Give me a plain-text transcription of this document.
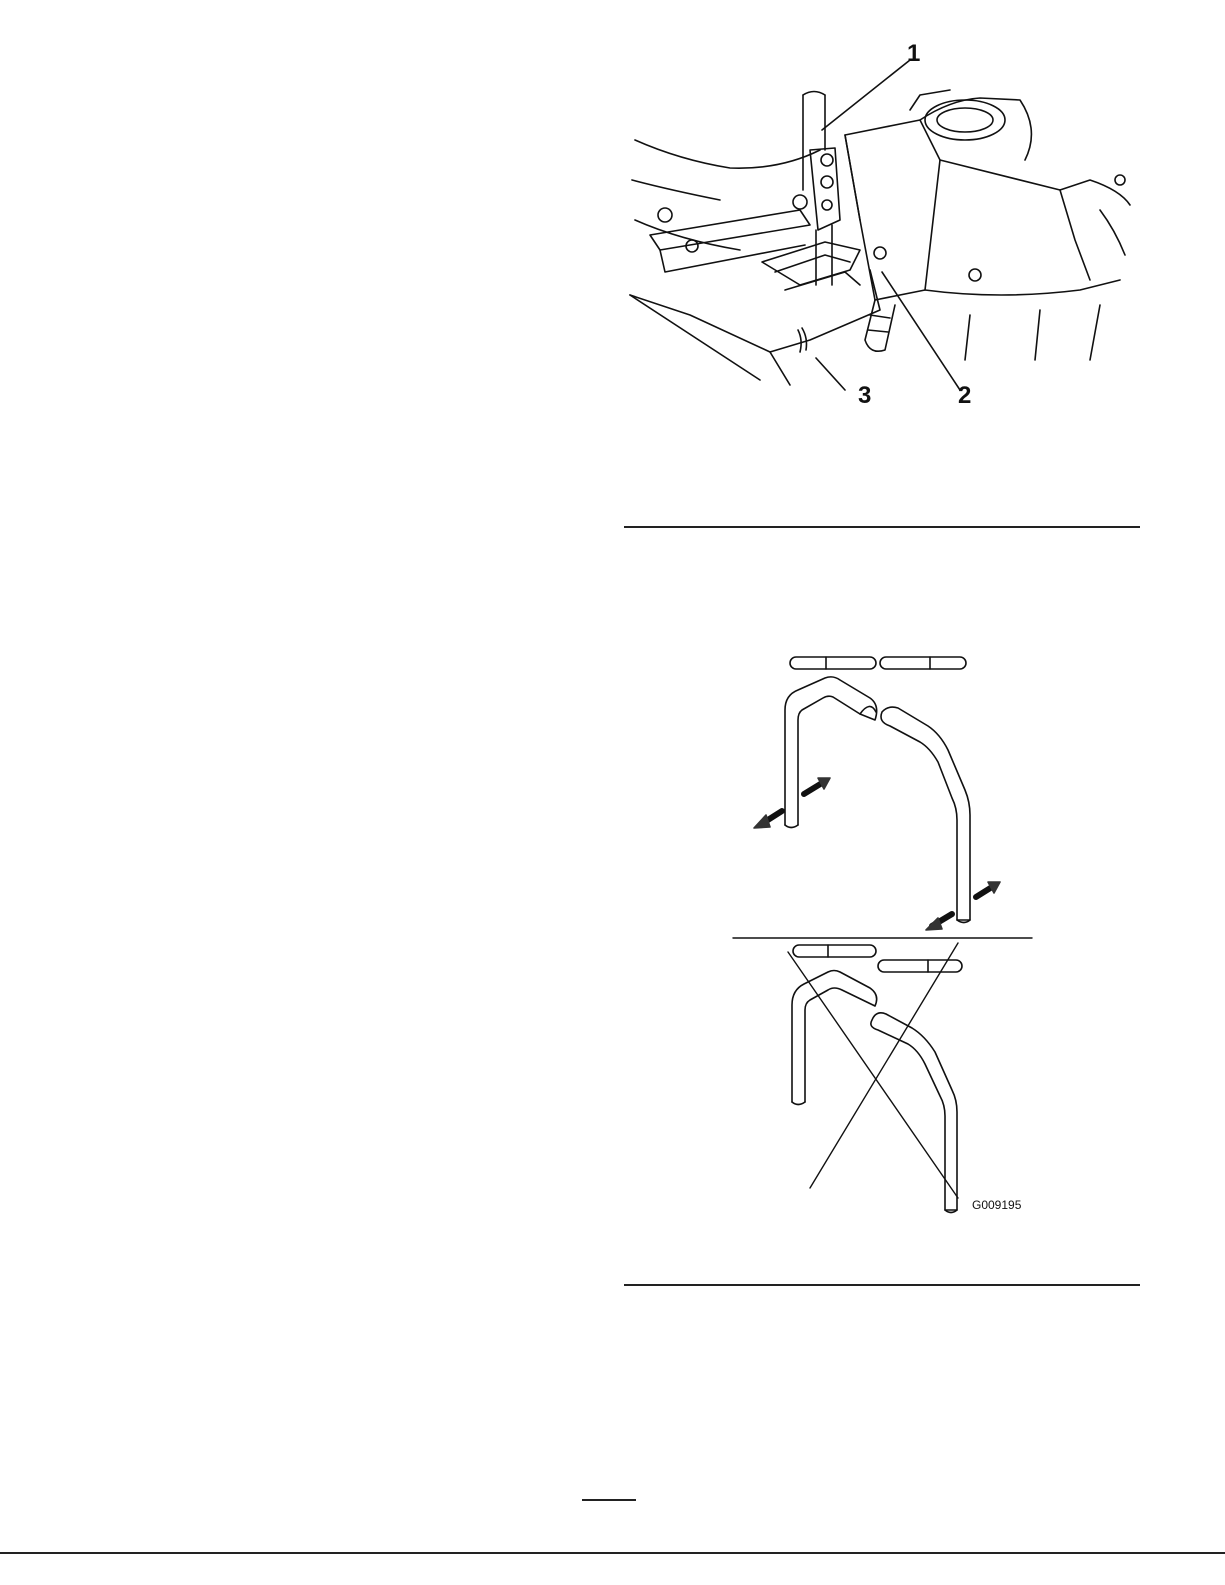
1
2
3
G009195
